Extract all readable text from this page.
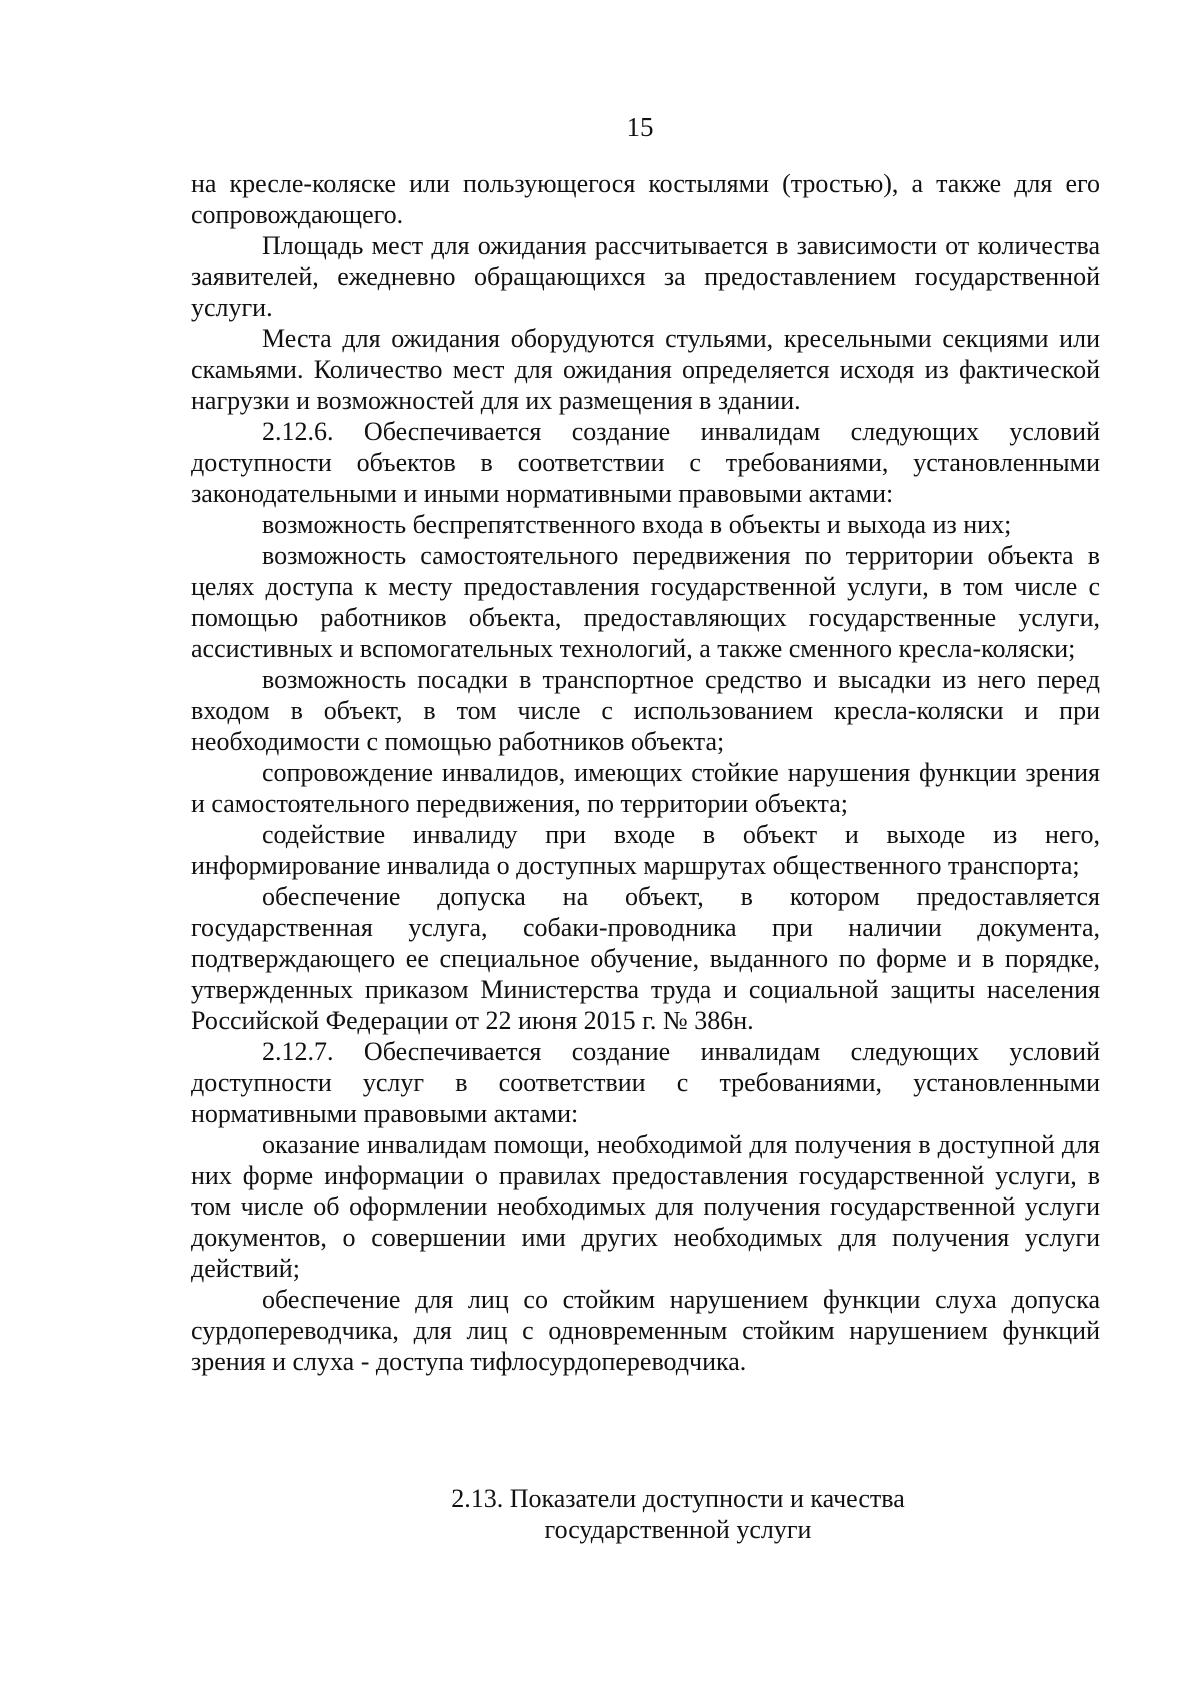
15

на кресле-коляске или пользующегося костылями (тростью), а также для его сопровождающего.

Площадь мест для ожидания рассчитывается в зависимости от количества заявителей, ежедневно обращающихся за предоставлением государственной услуги.

Места для ожидания оборудуются стульями, кресельными секциями или скамьями. Количество мест для ожидания определяется исходя из фактической нагрузки и возможностей для их размещения в здании.

2.12.6. Обеспечивается создание инвалидам следующих условий доступности объектов в соответствии с требованиями, установленными законодательными и иными нормативными правовыми актами:

возможность беспрепятственного входа в объекты и выхода из них;

возможность самостоятельного передвижения по территории объекта в целях доступа к месту предоставления государственной услуги, в том числе с помощью работников объекта, предоставляющих государственные услуги, ассистивных и вспомогательных технологий, а также сменного кресла-коляски;

возможность посадки в транспортное средство и высадки из него перед входом в объект, в том числе с использованием кресла-коляски и при необходимости с помощью работников объекта;

сопровождение инвалидов, имеющих стойкие нарушения функции зрения и самостоятельного передвижения, по территории объекта;

содействие инвалиду при входе в объект и выходе из него, информирование инвалида о доступных маршрутах общественного транспорта;

обеспечение допуска на объект, в котором предоставляется государственная услуга, собаки-проводника при наличии документа, подтверждающего ее специальное обучение, выданного по форме и в порядке, утвержденных приказом Министерства труда и социальной защиты населения Российской Федерации от 22 июня 2015 г. № 386н.

2.12.7. Обеспечивается создание инвалидам следующих условий доступности услуг в соответствии с требованиями, установленными нормативными правовыми актами:

оказание инвалидам помощи, необходимой для получения в доступной для них форме информации о правилах предоставления государственной услуги, в том числе об оформлении необходимых для получения государственной услуги документов, о совершении ими других необходимых для получения услуги действий;

обеспечение для лиц со стойким нарушением функции слуха допуска сурдопереводчика, для лиц с одновременным стойким нарушением функций зрения и слуха - доступа тифлосурдопереводчика.

2.13. Показатели доступности и качества
государственной услуги
